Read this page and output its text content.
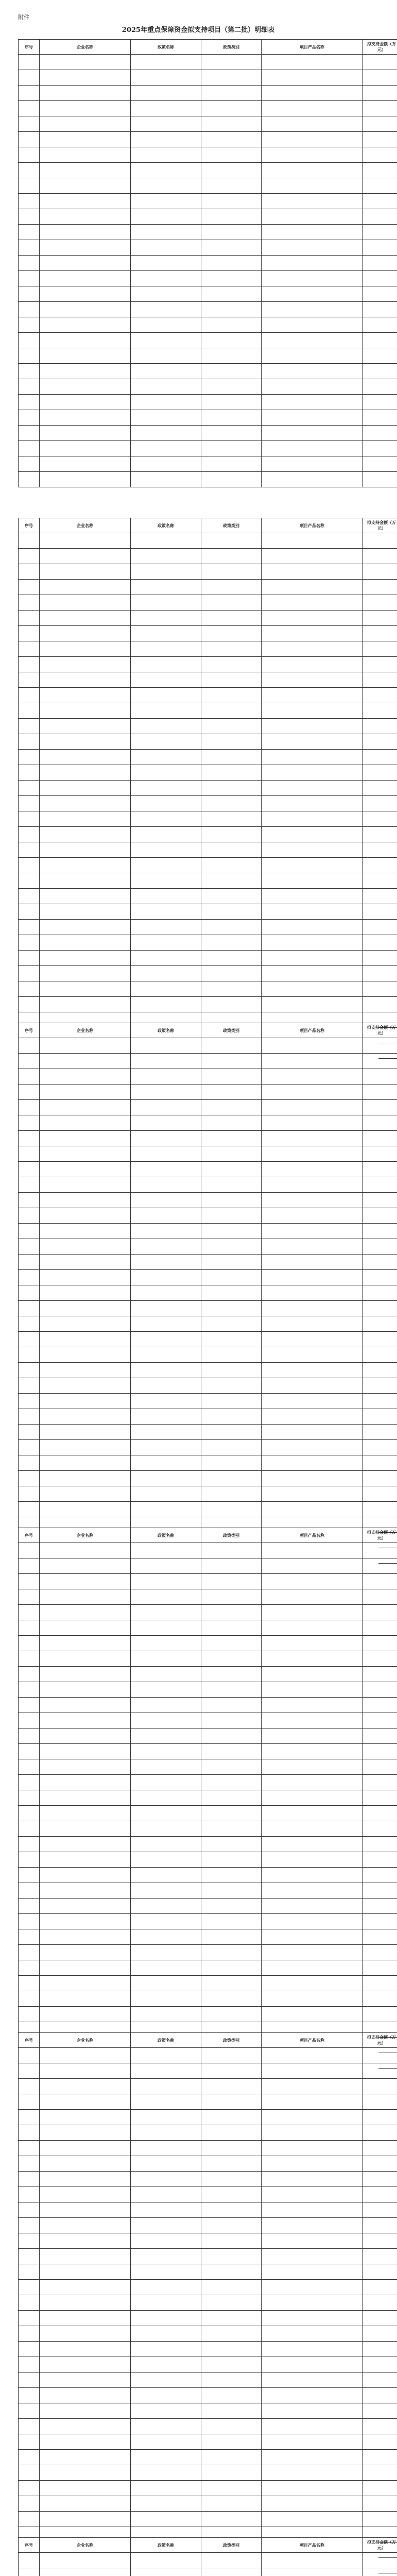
附件
2025年重点保障资金拟支持项目（第二批）明细表
序号	企业名称	政策名称	政策类别	项目产品名称	拟支持金额（万元）

序号	企业名称	政策名称	政策类别	项目产品名称	拟支持金额（万元）

序号	企业名称	政策名称	政策类别	项目产品名称	拟支持金额（万元）

序号	企业名称	政策名称	政策类别	项目产品名称	拟支持金额（万元）

序号	企业名称	政策名称	政策类别	项目产品名称	拟支持金额（万元）

序号	企业名称	政策名称	政策类别	项目产品名称	拟支持金额（万元）
